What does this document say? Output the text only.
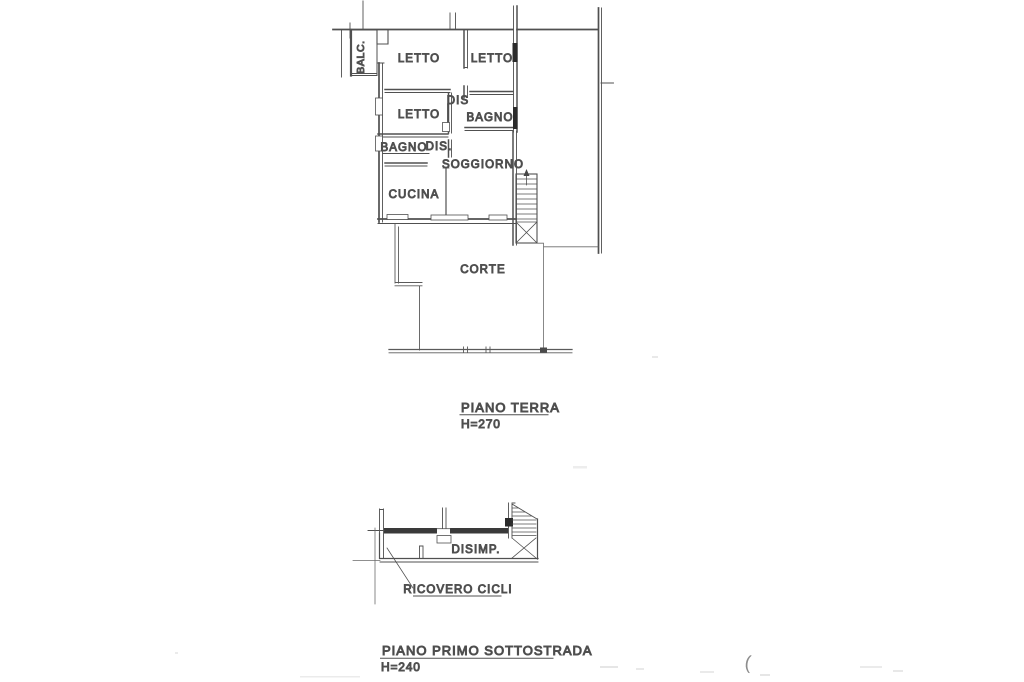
BALC.	LETTO	LETTO
DIS
BAGNO
LETTO
BAGNO
DIS.
SOGGIORNO
CUCINA
CORTE
PIANO TERRA
H=270
DISIMP.
RICOVERO CICLI
PIANO PRIMO SOTTOSTRADA
H=240	(
